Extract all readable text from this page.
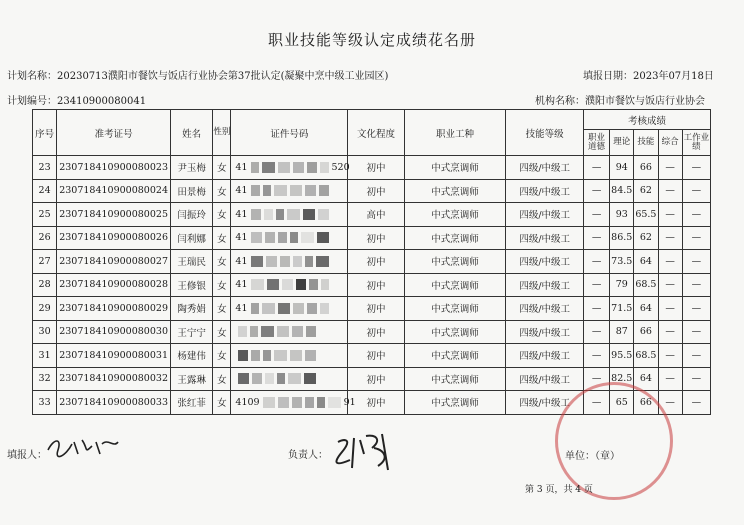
职业技能等级认定成绩花名册
计划名称：20230713濮阳市餐饮与饭店行业协会第37批认定(凝聚中烹中级工业园区)	填报日期：2023年07月18日
计划编号：23410900080041	机构名称：濮阳市餐饮与饭店行业协会
序号	准考证号	姓名	性别	证件号码	文化程度	职业工种	技能等级	考核成绩				
								职业道德	理论	技能	综合	工作业绩
23	230718410900080023	尹玉梅	女	41 520	初中	中式烹调师	四级/中级工	—	94	66	—	—
24	230718410900080024	田景梅	女	41	初中	中式烹调师	四级/中级工	—	84.5	62	—	—
25	230718410900080025	闫振玲	女	41	高中	中式烹调师	四级/中级工	—	93	65.5	—	—
26	230718410900080026	闫利娜	女	41	初中	中式烹调师	四级/中级工	—	86.5	62	—	—
27	230718410900080027	王瑞民	女	41	初中	中式烹调师	四级/中级工	—	73.5	64	—	—
28	230718410900080028	王修银	女	41	初中	中式烹调师	四级/中级工	—	79	68.5	—	—
29	230718410900080029	陶秀娟	女	41	初中	中式烹调师	四级/中级工	—	71.5	64	—	—
30	230718410900080030	王宁宁	女		初中	中式烹调师	四级/中级工	—	87	66	—	—
31	230718410900080031	杨建伟	女		初中	中式烹调师	四级/中级工	—	95.5	68.5	—	—
32	230718410900080032	王露琳	女		初中	中式烹调师	四级/中级工	—	82.5	64	—	—
33	230718410900080033	张红菲	女	4109 91	初中	中式烹调师	四级/中级工	—	65	66	—	—
填报人：	负责人：	单位：（章）
第 3 页，共 4 页
